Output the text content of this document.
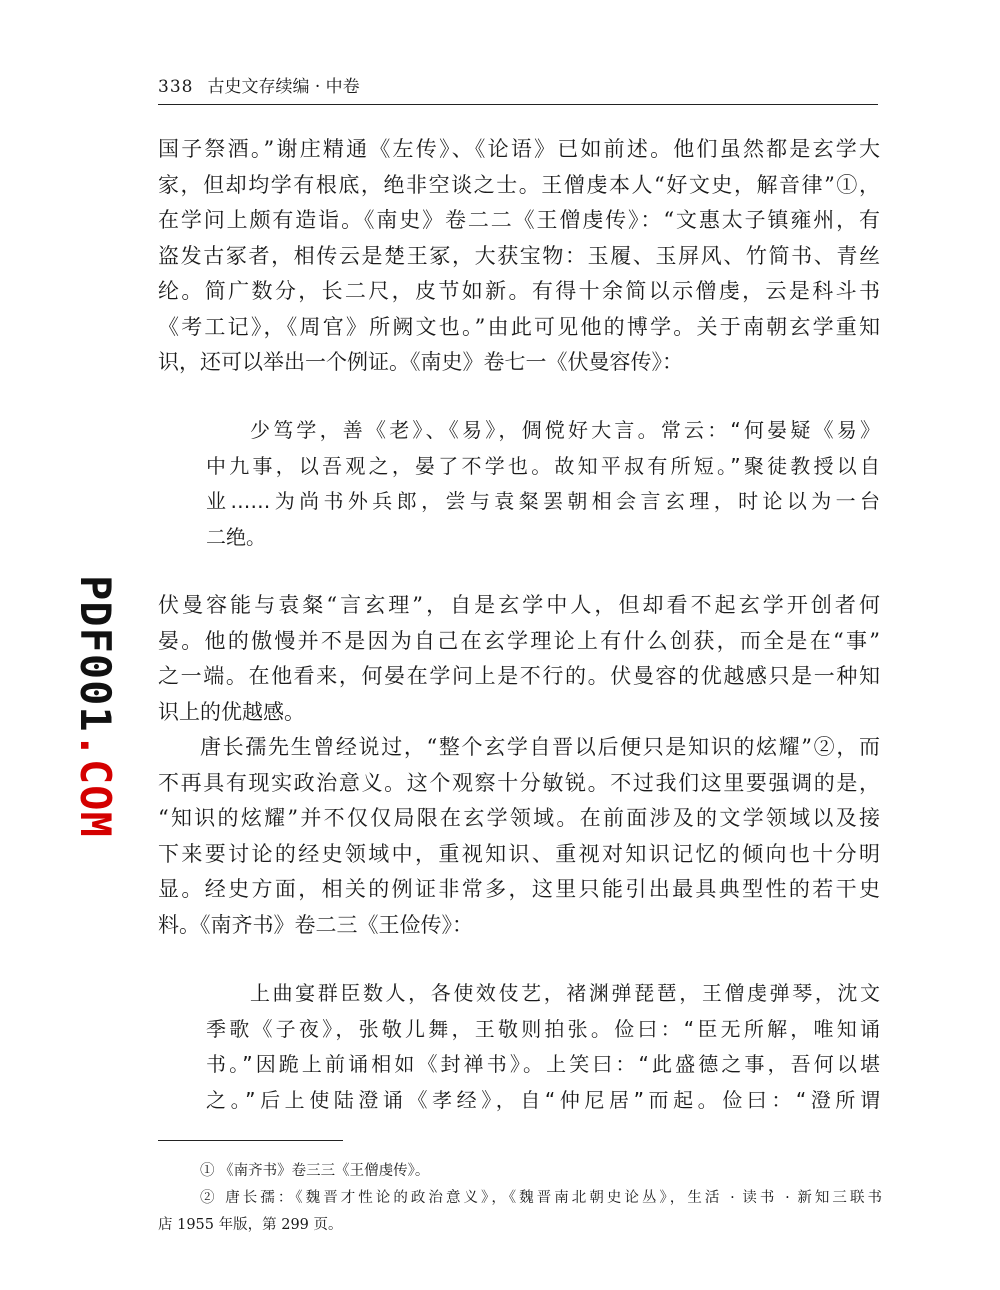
338 古史文存续编 · 中卷
国子祭酒。”谢庄精通《左传》、《论语》已如前述。他们虽然都是玄学大
家，但却均学有根底，绝非空谈之士。王僧虔本人“好文史，解音律”①，
在学问上颇有造诣。《南史》卷二二《王僧虔传》：“文惠太子镇雍州，有
盗发古冢者，相传云是楚王冢，大获宝物：玉履、玉屏风、竹简书、青丝
纶。简广数分，长二尺，皮节如新。有得十余简以示僧虔，云是科斗书
《考工记》，《周官》所阙文也。”由此可见他的博学。关于南朝玄学重知
识，还可以举出一个例证。《南史》卷七一《伏曼容传》：
少笃学，善《老》、《易》，倜傥好大言。常云：“何晏疑《易》
中九事，以吾观之，晏了不学也。故知平叔有所短。”聚徒教授以自
业……为尚书外兵郎，尝与袁粲罢朝相会言玄理，时论以为一台
二绝。
伏曼容能与袁粲“言玄理”，自是玄学中人，但却看不起玄学开创者何
晏。他的傲慢并不是因为自己在玄学理论上有什么创获，而全是在“事”
之一端。在他看来，何晏在学问上是不行的。伏曼容的优越感只是一种知
识上的优越感。
唐长孺先生曾经说过，“整个玄学自晋以后便只是知识的炫耀”②，而
不再具有现实政治意义。这个观察十分敏锐。不过我们这里要强调的是，
“知识的炫耀”并不仅仅局限在玄学领域。在前面涉及的文学领域以及接
下来要讨论的经史领域中，重视知识、重视对知识记忆的倾向也十分明
显。经史方面，相关的例证非常多，这里只能引出最具典型性的若干史
料。《南齐书》卷二三《王俭传》：
上曲宴群臣数人，各使效伎艺，褚渊弹琵琶，王僧虔弹琴，沈文
季歌《子夜》，张敬儿舞，王敬则拍张。俭曰：“臣无所解，唯知诵
书。”因跪上前诵相如《封禅书》。上笑曰：“此盛德之事，吾何以堪
之。”后上使陆澄诵《孝经》，自“仲尼居”而起。俭曰：“澄所谓
① 《南齐书》卷三三《王僧虔传》。
② 唐长孺：《魏晋才性论的政治意义》，《魏晋南北朝史论丛》，生活 · 读书 · 新知三联书
店 1955 年版，第 299 页。
PDF001.COM
